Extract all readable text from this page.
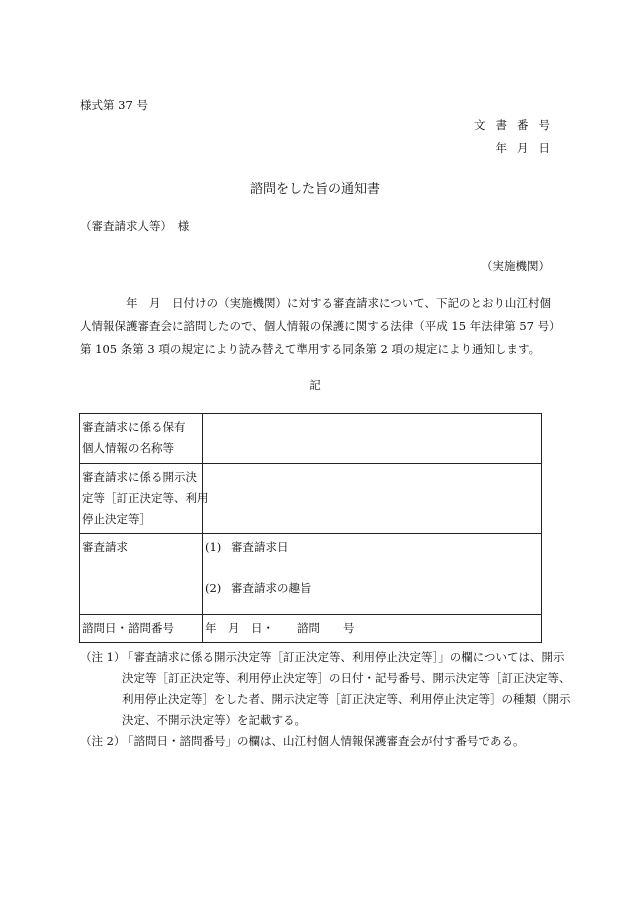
様式第 37 号
文書番号
年月日
諮問をした旨の通知書
（審査請求人等）　様
（実施機関）
　　　　年　月　日付けの（実施機関）に対する審査請求について、下記のとおり山江村個
人情報保護審査会に諮問したので、個人情報の保護に関する法律（平成 15 年法律第 57 号）
第 105 条第 3 項の規定により読み替えて準用する同条第 2 項の規定により通知します。
記
審査請求に係る保有
個人情報の名称等	

審査請求に係る開示決
定等［訂正決定等、利用
停止決定等］	

審査請求	(1) 審査請求日
(2) 審査請求の趣旨

諮問日・諮問番号	年　月　日・　　諮問　　号
（注 1）
「審査請求に係る開示決定等［訂正決定等、利用停止決定等］」の欄については、開示
決定等［訂正決定等、利用停止決定等］の日付・記号番号、開示決定等［訂正決定等、
利用停止決定等］をした者、開示決定等［訂正決定等、利用停止決定等］の種類（開示
決定、不開示決定等）を記載する。
（注 2）
「諮問日・諮問番号」の欄は、山江村個人情報保護審査会が付す番号である。
